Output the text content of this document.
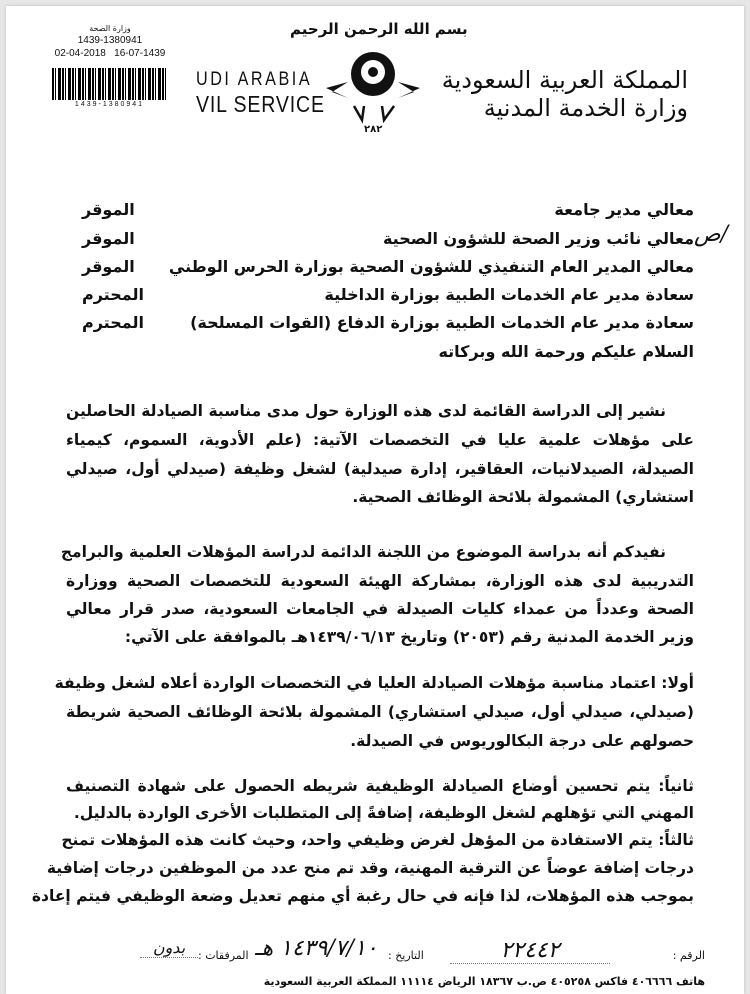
بسم الله الرحمن الرحيم
وزارة الصحة
1439-1380941
02-04-2018   16-07-1439
1439-1380941
UDI ARABIA
VIL SERVICE
٢٨٢
المملكة العربية السعودية
وزارة الخدمة المدنية
معالي مدير جامعة
الموقر
معالي نائب وزير الصحة للشؤون الصحية ص/
الموقر
معالي المدير العام التنفيذي للشؤون الصحية بوزارة الحرس الوطني
الموقر
سعادة مدير عام الخدمات الطبية بوزارة الداخلية
المحترم
سعادة مدير عام الخدمات الطبية بوزارة الدفاع (القوات المسلحة)
المحترم
السلام عليكم ورحمة الله وبركاته
نشير إلى الدراسة القائمة لدى هذه الوزارة حول مدى مناسبة الصيادلة الحاصلين
على مؤهلات علمية عليا في التخصصات الآتية: (علم الأدوية، السموم، كيمياء
الصيدلة، الصيدلانيات، العقاقير، إدارة صيدلية) لشغل وظيفة (صيدلي أول، صيدلي
استشاري) المشمولة بلائحة الوظائف الصحية.
نفيدكم أنه بدراسة الموضوع من اللجنة الدائمة لدراسة المؤهلات العلمية والبرامج
التدريبية لدى هذه الوزارة، بمشاركة الهيئة السعودية للتخصصات الصحية ووزارة
الصحة وعدداً من عمداء كليات الصيدلة في الجامعات السعودية، صدر قرار معالي
وزير الخدمة المدنية رقم (٢٠٥٣) وتاريخ ١٤٣٩/٠٦/١٣هـ بالموافقة على الآتي:
أولا: اعتماد مناسبة مؤهلات الصيادلة العليا في التخصصات الواردة أعلاه لشغل وظيفة
(صيدلي، صيدلي أول، صيدلي استشاري) المشمولة بلائحة الوظائف الصحية شريطة
حصولهم على درجة البكالوريوس في الصيدلة.
ثانياً: يتم تحسين أوضاع الصيادلة الوظيفية شريطه الحصول على شهادة التصنيف
المهني التي تؤهلهم لشغل الوظيفة، إضافةً إلى المتطلبات الأخرى الواردة بالدليل.
ثالثاً: يتم الاستفادة من المؤهل لغرض وظيفي واحد، وحيث كانت هذه المؤهلات تمنح
درجات إضافة عوضاً عن الترقية المهنية، وقد تم منح عدد من الموظفين درجات إضافية
بموجب هذه المؤهلات، لذا فإنه في حال رغبة أي منهم تعديل وضعة الوظيفي فيتم إعادة
الرقم :
٢٢٤٤٢
التاريخ :
١٤٣٩/٧/١٠ هـ
المرفقات :
بدون
هاتف ٤٠٦٦٦٦ فاكس ٤٠٥٢٥٨ ص.ب ١٨٣٦٧ الرياض ١١١١٤ المملكة العربية السعودية
